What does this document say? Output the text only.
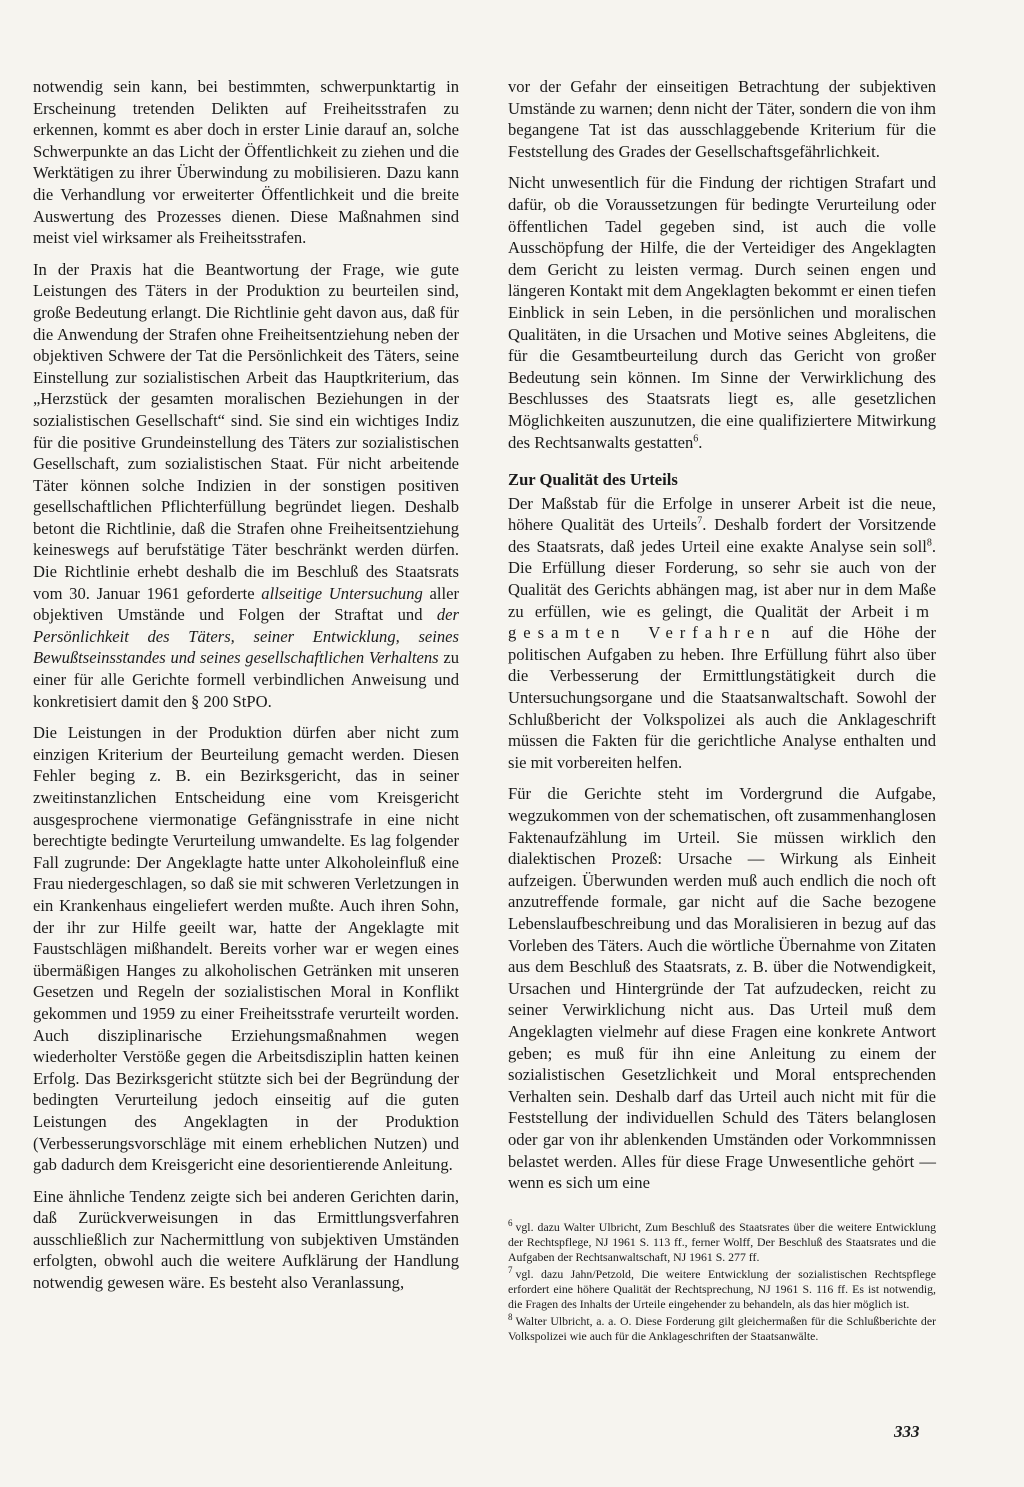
notwendig sein kann, bei bestimmten, schwerpunktartig in Erscheinung tretenden Delikten auf Freiheitsstrafen zu erkennen, kommt es aber doch in erster Linie darauf an, solche Schwerpunkte an das Licht der Öffentlichkeit zu ziehen und die Werktätigen zu ihrer Überwindung zu mobilisieren. Dazu kann die Verhandlung vor erweiterter Öffentlichkeit und die breite Auswertung des Prozesses dienen. Diese Maßnahmen sind meist viel wirksamer als Freiheitsstrafen.

In der Praxis hat die Beantwortung der Frage, wie gute Leistungen des Täters in der Produktion zu beurteilen sind, große Bedeutung erlangt. Die Richtlinie geht davon aus, daß für die Anwendung der Strafen ohne Freiheitsentziehung neben der objektiven Schwere der Tat die Persönlichkeit des Täters, seine Einstellung zur sozialistischen Arbeit das Hauptkriterium, das „Herzstück der gesamten moralischen Beziehungen in der sozialistischen Gesellschaft“ sind. Sie sind ein wichtiges Indiz für die positive Grundeinstellung des Täters zur sozialistischen Gesellschaft, zum sozialistischen Staat. Für nicht arbeitende Täter können solche Indizien in der sonstigen positiven gesellschaftlichen Pflichterfüllung begründet liegen. Deshalb betont die Richtlinie, daß die Strafen ohne Freiheitsentziehung keineswegs auf berufstätige Täter beschränkt werden dürfen. Die Richtlinie erhebt deshalb die im Beschluß des Staatsrats vom 30. Januar 1961 geforderte allseitige Untersuchung aller objektiven Umstände und Folgen der Straftat und der Persönlichkeit des Täters, seiner Entwicklung, seines Bewußtseinsstandes und seines gesellschaftlichen Verhaltens zu einer für alle Gerichte formell verbindlichen Anweisung und konkretisiert damit den § 200 StPO.

Die Leistungen in der Produktion dürfen aber nicht zum einzigen Kriterium der Beurteilung gemacht werden. Diesen Fehler beging z. B. ein Bezirksgericht, das in seiner zweitinstanzlichen Entscheidung eine vom Kreisgericht ausgesprochene viermonatige Gefängnisstrafe in eine nicht berechtigte bedingte Verurteilung umwandelte. Es lag folgender Fall zugrunde: Der Angeklagte hatte unter Alkoholeinfluß eine Frau niedergeschlagen, so daß sie mit schweren Verletzungen in ein Krankenhaus eingeliefert werden mußte. Auch ihren Sohn, der ihr zur Hilfe geeilt war, hatte der Angeklagte mit Faustschlägen mißhandelt. Bereits vorher war er wegen eines übermäßigen Hanges zu alkoholischen Getränken mit unseren Gesetzen und Regeln der sozialistischen Moral in Konflikt gekommen und 1959 zu einer Freiheitsstrafe verurteilt worden. Auch disziplinarische Erziehungsmaßnahmen wegen wiederholter Verstöße gegen die Arbeitsdisziplin hatten keinen Erfolg. Das Bezirksgericht stützte sich bei der Begründung der bedingten Verurteilung jedoch einseitig auf die guten Leistungen des Angeklagten in der Produktion (Verbesserungsvorschläge mit einem erheblichen Nutzen) und gab dadurch dem Kreisgericht eine desorientierende Anleitung.

Eine ähnliche Tendenz zeigte sich bei anderen Gerichten darin, daß Zurückverweisungen in das Ermittlungsverfahren ausschließlich zur Nachermittlung von subjektiven Umständen erfolgten, obwohl auch die weitere Aufklärung der Handlung notwendig gewesen wäre. Es besteht also Veranlassung,

vor der Gefahr der einseitigen Betrachtung der subjektiven Umstände zu warnen; denn nicht der Täter, sondern die von ihm begangene Tat ist das ausschlaggebende Kriterium für die Feststellung des Grades der Gesellschaftsgefährlichkeit.

Nicht unwesentlich für die Findung der richtigen Strafart und dafür, ob die Voraussetzungen für bedingte Verurteilung oder öffentlichen Tadel gegeben sind, ist auch die volle Ausschöpfung der Hilfe, die der Verteidiger des Angeklagten dem Gericht zu leisten vermag. Durch seinen engen und längeren Kontakt mit dem Angeklagten bekommt er einen tiefen Einblick in sein Leben, in die persönlichen und moralischen Qualitäten, in die Ursachen und Motive seines Abgleitens, die für die Gesamtbeurteilung durch das Gericht von großer Bedeutung sein können. Im Sinne der Verwirklichung des Beschlusses des Staatsrats liegt es, alle gesetzlichen Möglichkeiten auszunutzen, die eine qualifiziertere Mitwirkung des Rechtsanwalts gestatten$^6$.

Zur Qualität des Urteils

Der Maßstab für die Erfolge in unserer Arbeit ist die neue, höhere Qualität des Urteils$^7$. Deshalb fordert der Vorsitzende des Staatsrats, daß jedes Urteil eine exakte Analyse sein soll$^8$. Die Erfüllung dieser Forderung, so sehr sie auch von der Qualität des Gerichts abhängen mag, ist aber nur in dem Maße zu erfüllen, wie es gelingt, die Qualität der Arbeit im gesamten Verfahren auf die Höhe der politischen Aufgaben zu heben. Ihre Erfüllung führt also über die Verbesserung der Ermittlungstätigkeit durch die Untersuchungsorgane und die Staatsanwaltschaft. Sowohl der Schlußbericht der Volkspolizei als auch die Anklageschrift müssen die Fakten für die gerichtliche Analyse enthalten und sie mit vorbereiten helfen.

Für die Gerichte steht im Vordergrund die Aufgabe, wegzukommen von der schematischen, oft zusammenhanglosen Faktenaufzählung im Urteil. Sie müssen wirklich den dialektischen Prozeß: Ursache — Wirkung als Einheit aufzeigen. Überwunden werden muß auch endlich die noch oft anzutreffende formale, gar nicht auf die Sache bezogene Lebenslaufbeschreibung und das Moralisieren in bezug auf das Vorleben des Täters. Auch die wörtliche Übernahme von Zitaten aus dem Beschluß des Staatsrats, z. B. über die Notwendigkeit, Ursachen und Hintergründe der Tat aufzudecken, reicht zu seiner Verwirklichung nicht aus. Das Urteil muß dem Angeklagten vielmehr auf diese Fragen eine konkrete Antwort geben; es muß für ihn eine Anleitung zu einem der sozialistischen Gesetzlichkeit und Moral entsprechenden Verhalten sein. Deshalb darf das Urteil auch nicht mit für die Feststellung der individuellen Schuld des Täters belanglosen oder gar von ihr ablenkenden Umständen oder Vorkommnissen belastet werden. Alles für diese Frage Unwesentliche gehört — wenn es sich um eine

$^6$ vgl. dazu Walter Ulbricht, Zum Beschluß des Staatsrates über die weitere Entwicklung der Rechtspflege, NJ 1961 S. 113 ff., ferner Wolff, Der Beschluß des Staatsrates und die Aufgaben der Rechtsanwaltschaft, NJ 1961 S. 277 ff.

$^7$ vgl. dazu Jahn/Petzold, Die weitere Entwicklung der sozialistischen Rechtspflege erfordert eine höhere Qualität der Rechtsprechung, NJ 1961 S. 116 ff. Es ist notwendig, die Fragen des Inhalts der Urteile eingehender zu behandeln, als das hier möglich ist.

$^8$ Walter Ulbricht, a. a. O. Diese Forderung gilt gleichermaßen für die Schlußberichte der Volkspolizei wie auch für die Anklageschriften der Staatsanwälte.

333
